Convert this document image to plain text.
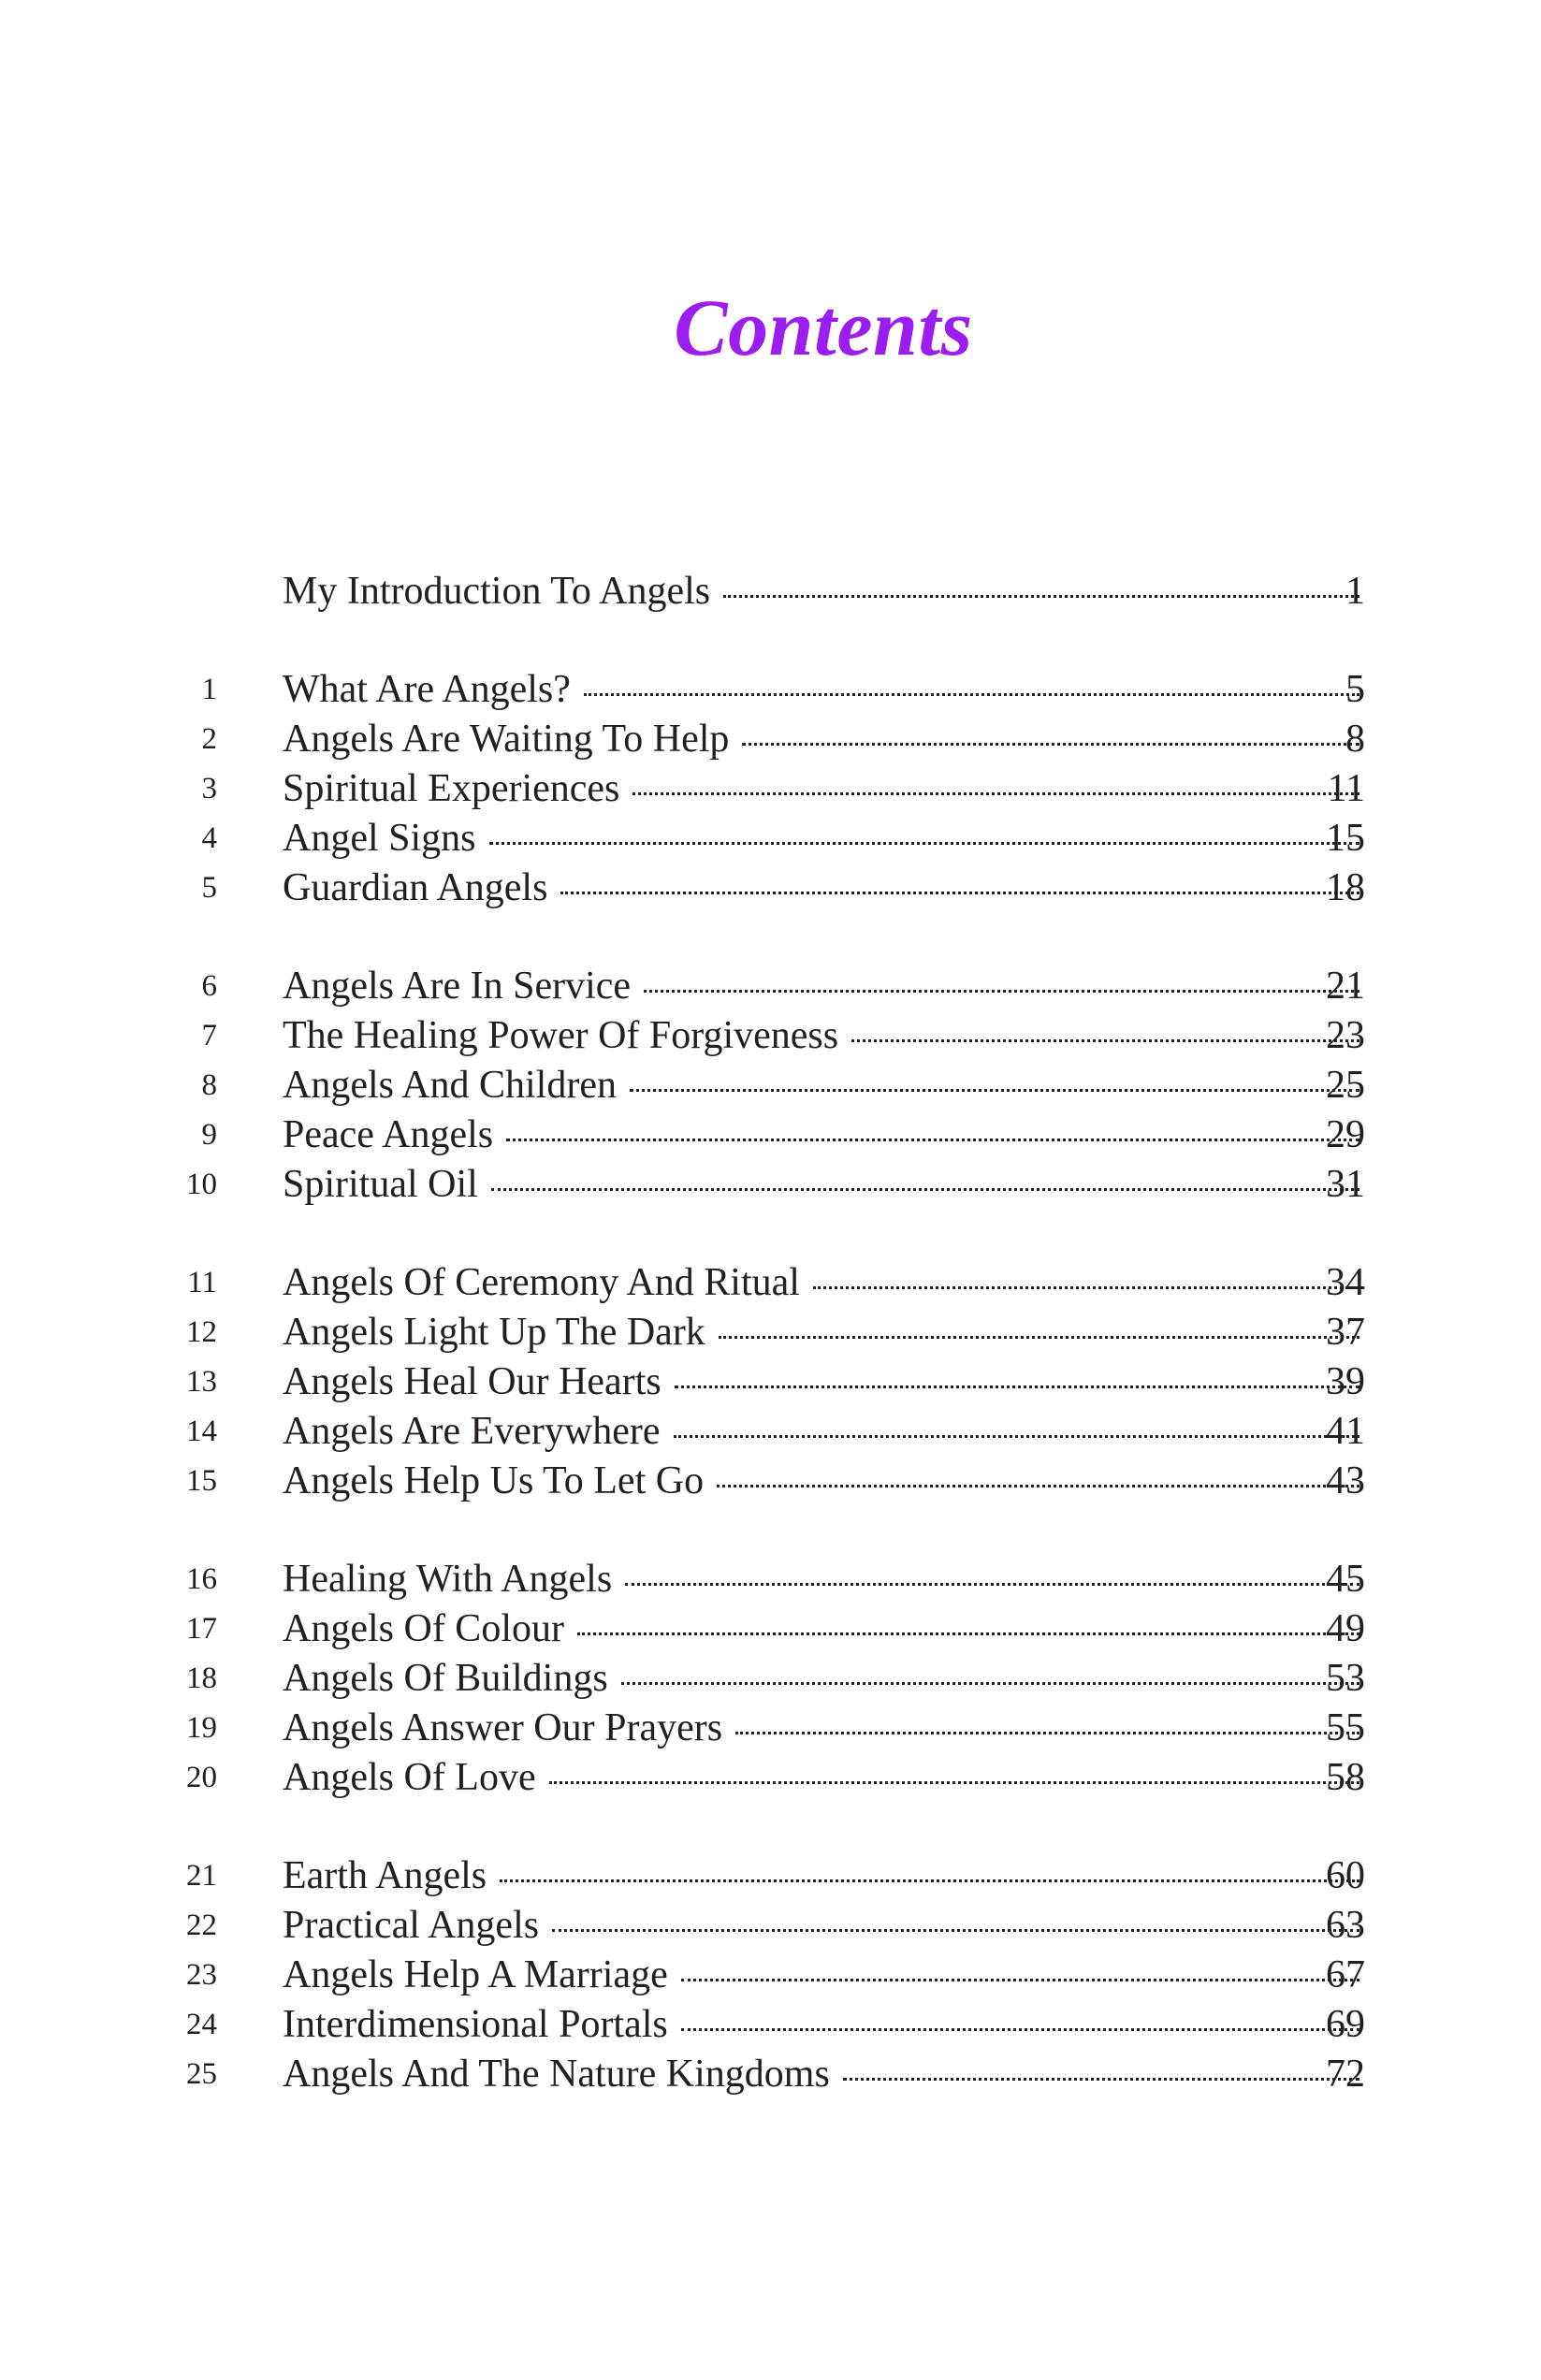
Contents
My Introduction To Angels	1
1 What Are Angels?	5
2 Angels Are Waiting To Help	8
3 Spiritual Experiences	11
4 Angel Signs	15
5 Guardian Angels	18
6 Angels Are In Service	21
7 The Healing Power Of Forgiveness	23
8 Angels And Children	25
9 Peace Angels	29
10 Spiritual Oil	31
11 Angels Of Ceremony And Ritual	34
12 Angels Light Up The Dark	37
13 Angels Heal Our Hearts	39
14 Angels Are Everywhere	41
15 Angels Help Us To Let Go	43
16 Healing With Angels	45
17 Angels Of Colour	49
18 Angels Of Buildings	53
19 Angels Answer Our Prayers	55
20 Angels Of Love	58
21 Earth Angels	60
22 Practical Angels	63
23 Angels Help A Marriage	67
24 Interdimensional Portals	69
25 Angels And The Nature Kingdoms	72
